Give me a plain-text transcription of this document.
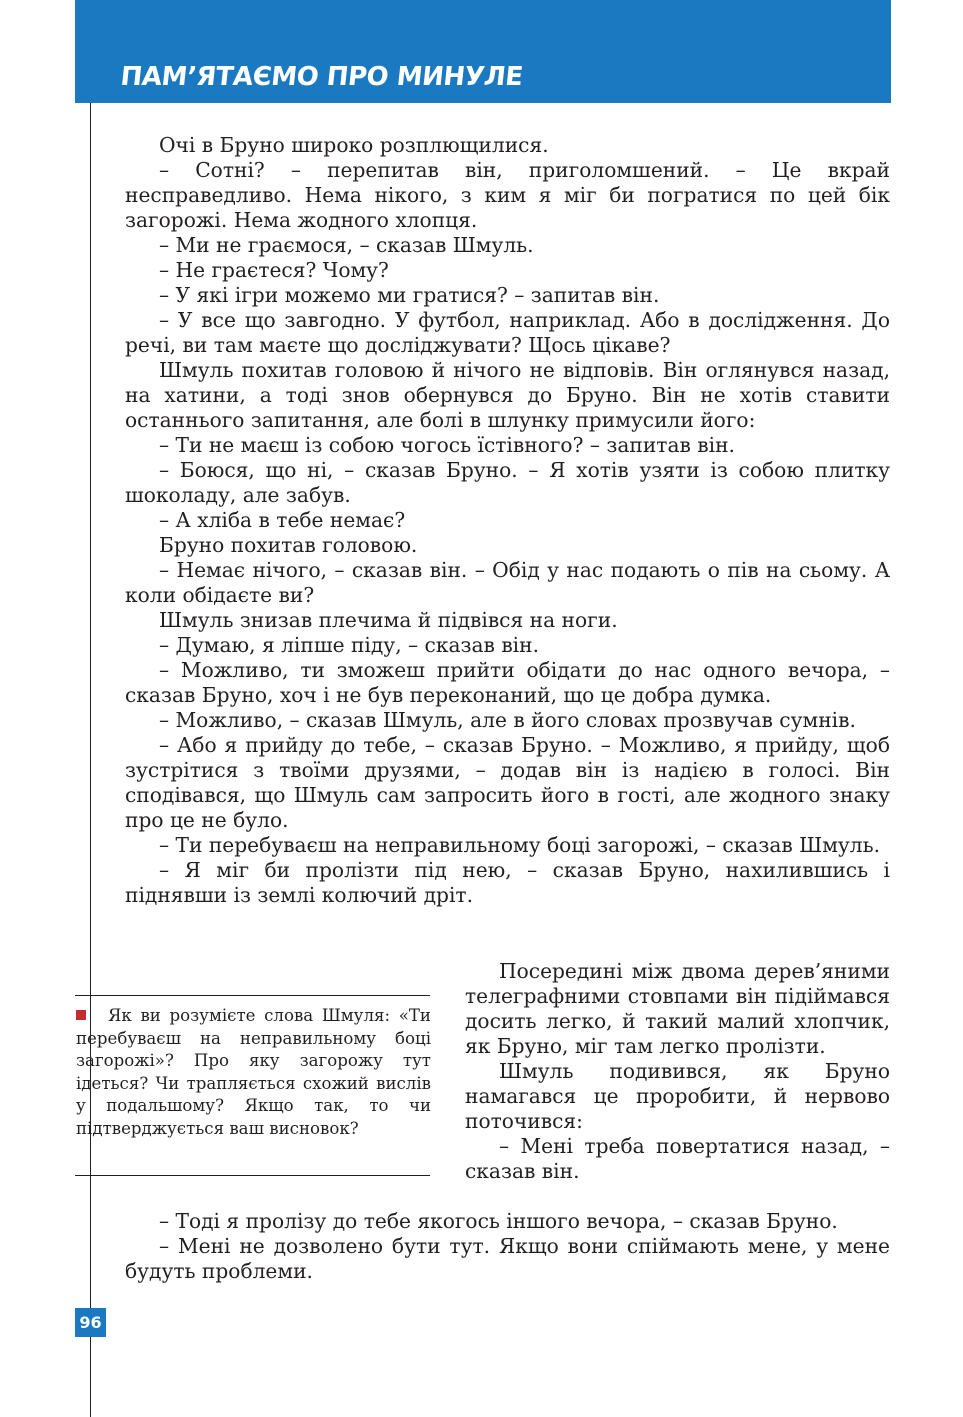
ПАМ’ЯТАЄМО ПРО МИНУЛЕ

Очі в Бруно широко розплющилися.

– Сотні? – перепитав він, приголомшений. – Це вкрай несправедливо. Нема нікого, з ким я міг би погратися по цей бік загорожі. Нема жодного хлопця.

– Ми не граємося, – сказав Шмуль.

– Не граєтеся? Чому?

– У які ігри можемо ми гратися? – запитав він.

– У все що завгодно. У футбол, наприклад. Або в дослідження. До речі, ви там маєте що досліджувати? Щось цікаве?

Шмуль похитав головою й нічого не відповів. Він оглянувся назад, на хатини, а тоді знов обернувся до Бруно. Він не хотів ставити останнього запитання, але болі в шлунку примусили його:

– Ти не маєш із собою чогось їстівного? – запитав він.

– Боюся, що ні, – сказав Бруно. – Я хотів узяти із собою плитку шоколаду, але забув.

– А хліба в тебе немає?

Бруно похитав головою.

– Немає нічого, – сказав він. – Обід у нас подають о пів на сьому. А коли обідаєте ви?

Шмуль знизав плечима й підвівся на ноги.

– Думаю, я ліпше піду, – сказав він.

– Можливо, ти зможеш прийти обідати до нас одного вечора, – сказав Бруно, хоч і не був переконаний, що це добра думка.

– Можливо, – сказав Шмуль, але в його словах прозвучав сумнів.

– Або я прийду до тебе, – сказав Бруно. – Можливо, я прийду, щоб зустрітися з твоїми друзями, – додав він із надією в голосі. Він сподівався, що Шмуль сам запросить його в гості, але жодного знаку про це не було.

– Ти перебуваєш на неправильному боці загорожі, – сказав Шмуль.

– Я міг би пролізти під нею, – сказав Бруно, нахилившись і піднявши із землі колючий дріт.

Посередині між двома дерев’яними телеграфними стовпами він підіймався досить легко, й такий малий хлопчик, як Бруно, міг там легко пролізти.

Шмуль подивився, як Бруно намагався це проробити, й нервово поточився:

– Мені треба повертатися назад, – сказав він.

Як ви розумієте слова Шмуля: «Ти перебуваєш на неправильному боці загорожі»? Про яку загорожу тут ідеться? Чи трапляється схожий вислів у подальшому? Якщо так, то чи підтверджується ваш висновок?

– Тоді я пролізу до тебе якогось іншого вечора, – сказав Бруно.

– Мені не дозволено бути тут. Якщо вони спіймають мене, у мене будуть проблеми.

96
